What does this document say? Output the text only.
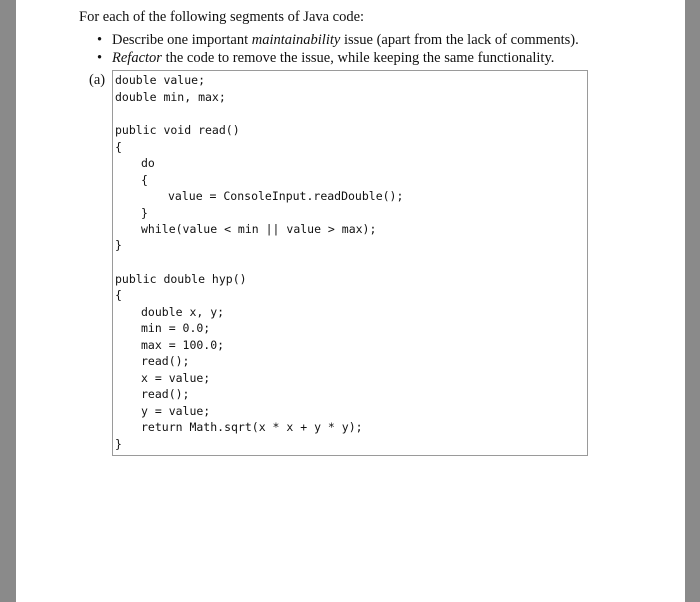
For each of the following segments of Java code:

• Describe one important maintainability issue (apart from the lack of comments).
• Refactor the code to remove the issue, while keeping the same functionality.
(a) double value;
double min, max;
public void read()
{
do
{
value = ConsoleInput.readDouble();
}
while(value < min || value > max);
}
public double hyp()
{
double x, y;
min = 0.0;
max = 100.0;
read();
x = value;
read();
y = value;
return Math.sqrt(x * x + y * y);
}
